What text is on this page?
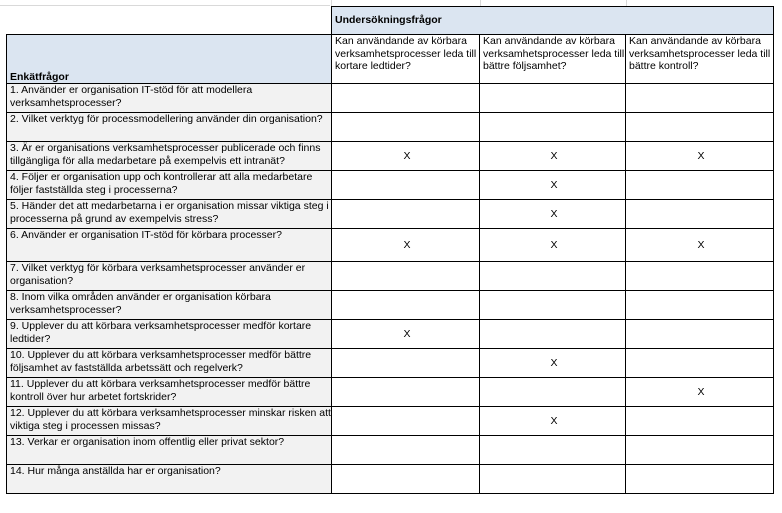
	Undersökningsfrågor		
Enkätfrågor	Kan användande av körbara verksamhetsprocesser leda till kortare ledtider?	Kan användande av körbara verksamhetsprocesser leda till bättre följsamhet?	Kan användande av körbara verksamhetsprocesser leda till bättre kontroll?
1. Använder er organisation IT-stöd för att modellera verksamhetsprocesser?			
2. Vilket verktyg för processmodellering använder din organisation?			
3. Är er organisations verksamhetsprocesser publicerade och finns tillgängliga för alla medarbetare på exempelvis ett intranät?	X	X	X
4. Följer er organisation upp och kontrollerar att alla medarbetare följer fastställda steg i processerna?		X	
5. Händer det att medarbetarna i er organisation missar viktiga steg i processerna på grund av exempelvis stress?		X	
6. Använder er organisation IT-stöd för körbara processer?	X	X	X
7. Vilket verktyg för körbara verksamhetsprocesser använder er organisation?			
8. Inom vilka områden använder er organisation körbara verksamhetsprocesser?			
9. Upplever du att körbara verksamhetsprocesser medför kortare ledtider?	X		
10. Upplever du att körbara verksamhetsprocesser medför bättre följsamhet av fastställda arbetssätt och regelverk?		X	
11. Upplever du att körbara verksamhetsprocesser medför bättre kontroll över hur arbetet fortskrider?			X
12. Upplever du att körbara verksamhetsprocesser minskar risken att viktiga steg i processen missas?		X	
13. Verkar er organisation inom offentlig eller privat sektor?			
14. Hur många anställda har er organisation?			
